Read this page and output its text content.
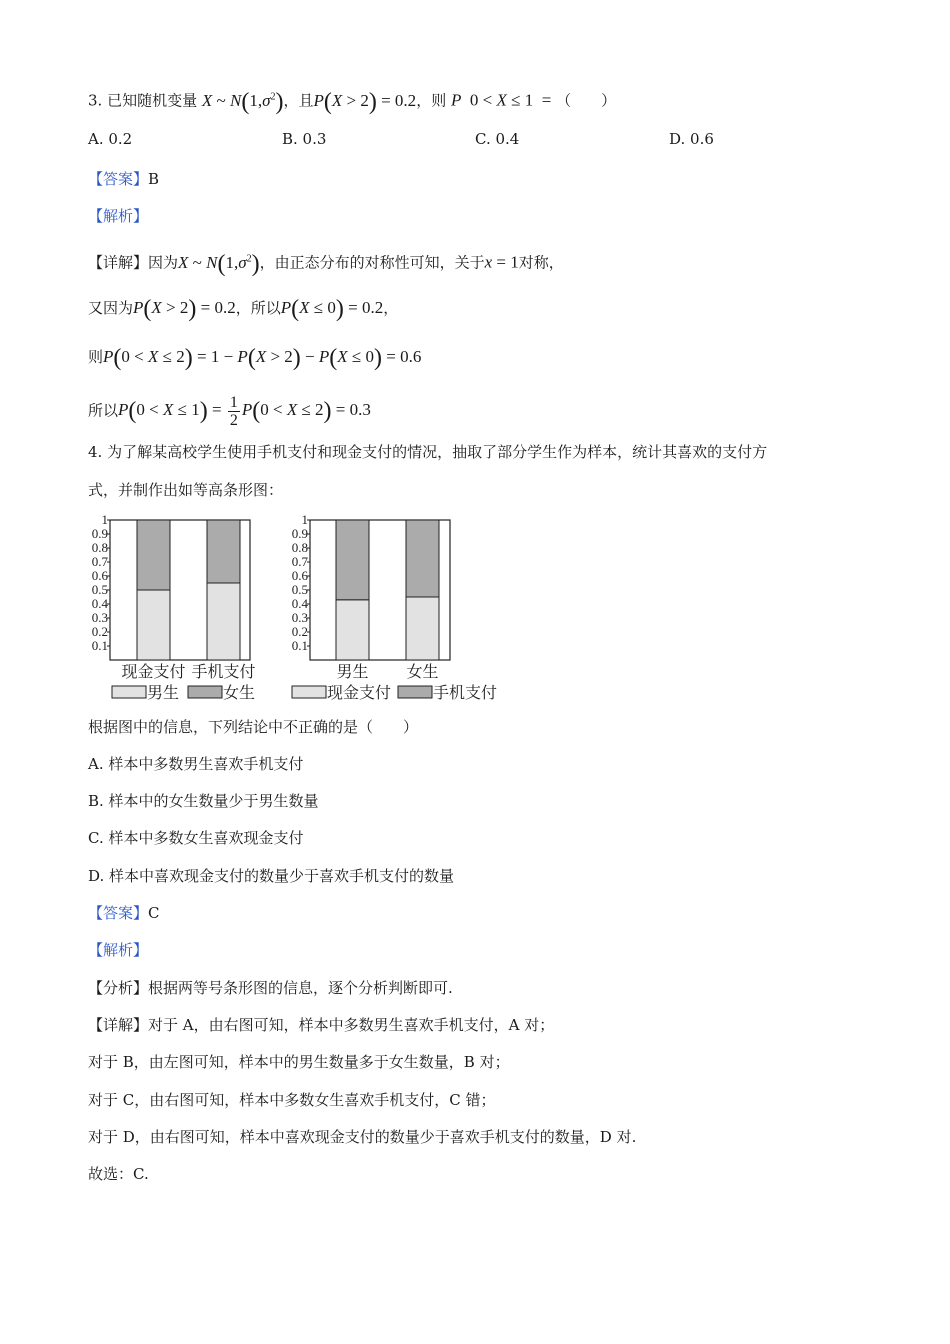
3. 已知随机变量 X ~ $N(1,\sigma^2)$，且P(X > 2) = 0.2，则 P  0 < X ≤ 1  = （　　）
A. 0.2	B. 0.3	C. 0.4	D. 0.6
【答案】B
【解析】
【详解】因为X ~ $N(1,\sigma^2)$，由正态分布的对称性可知，关于x = 1对称，
又因为P(X > 2) = 0.2，所以P(X ≤ 0) = 0.2，
则P(0 < X ≤ 2) = 1 − P(X > 2) − P(X ≤ 0) = 0.6
所以$P(0 < X \le 1) = \frac{1}{2} P(0 < X \le 2) = 0.3$
4. 为了解某高校学生使用手机支付和现金支付的情况，抽取了部分学生作为样本，统计其喜欢的支付方
式，并制作出如等高条形图：
1
0.9
0.8
0.7
0.6
0.5
0.4
0.3
0.2
0.1
现金支付 手机支付
男生	女生
1
0.9
0.8
0.7
0.6
0.5
0.4
0.3
0.2
0.1
男生 女生
现金支付	手机支付
根据图中的信息，下列结论中不正确的是（　　）
A. 样本中多数男生喜欢手机支付
B. 样本中的女生数量少于男生数量
C. 样本中多数女生喜欢现金支付
D. 样本中喜欢现金支付的数量少于喜欢手机支付的数量
【答案】C
【解析】
【分析】根据两等号条形图的信息，逐个分析判断即可.
【详解】对于 A，由右图可知，样本中多数男生喜欢手机支付，A 对；
对于 B，由左图可知，样本中的男生数量多于女生数量，B 对；
对于 C，由右图可知，样本中多数女生喜欢手机支付，C 错；
对于 D，由右图可知，样本中喜欢现金支付的数量少于喜欢手机支付的数量，D 对.
故选：C.
